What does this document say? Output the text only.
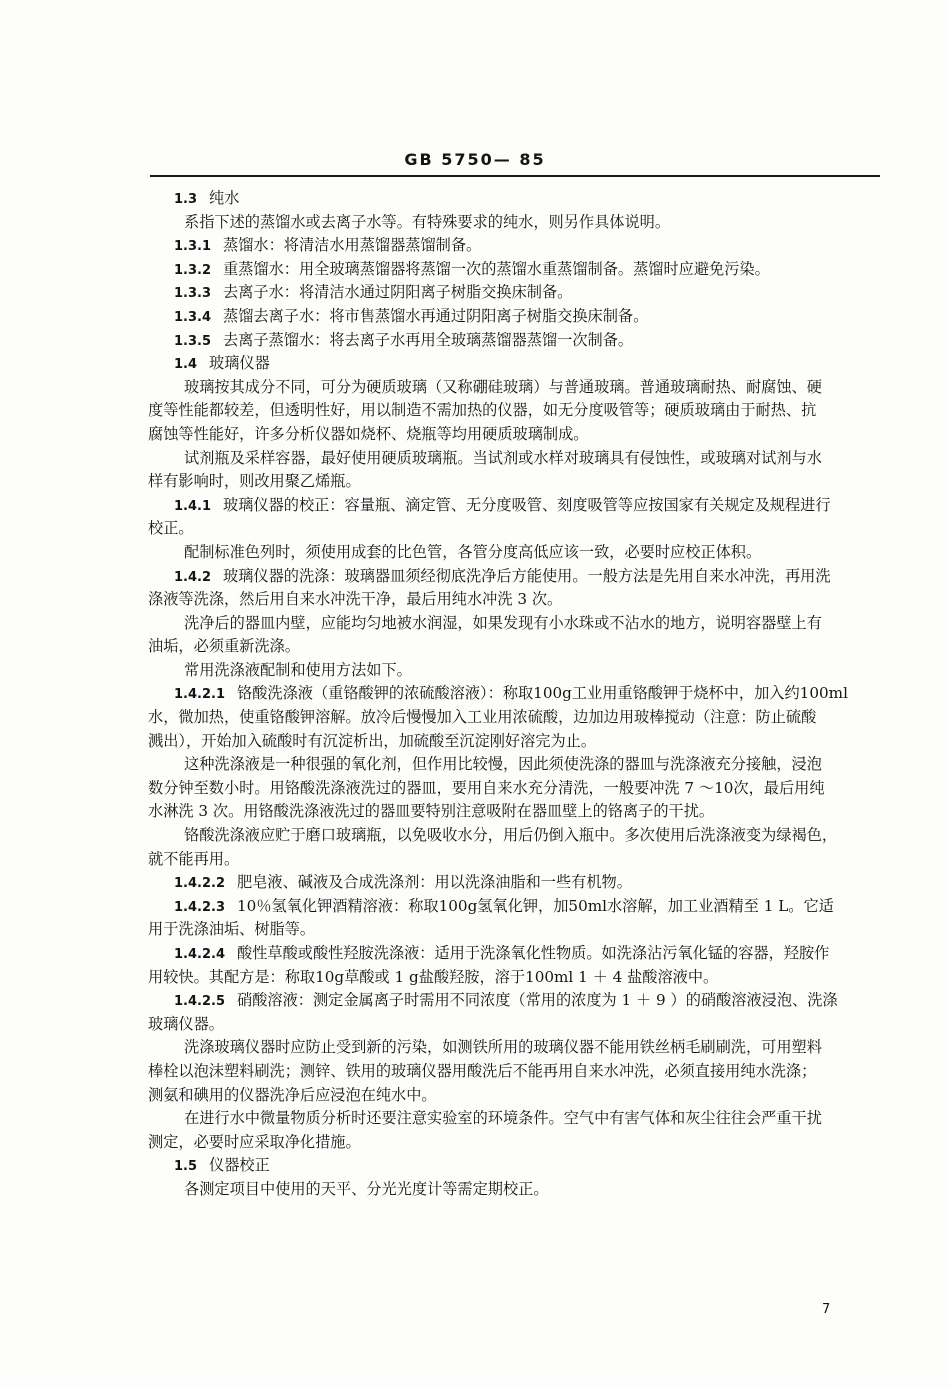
GB 5750— 85
1.3 纯水
系指下述的蒸馏水或去离子水等。有特殊要求的纯水，则另作具体说明。
1.3.1 蒸馏水：将清洁水用蒸馏器蒸馏制备。
1.3.2 重蒸馏水：用全玻璃蒸馏器将蒸馏一次的蒸馏水重蒸馏制备。蒸馏时应避免污染。
1.3.3 去离子水：将清洁水通过阴阳离子树脂交换床制备。
1.3.4 蒸馏去离子水：将市售蒸馏水再通过阴阳离子树脂交换床制备。
1.3.5 去离子蒸馏水：将去离子水再用全玻璃蒸馏器蒸馏一次制备。
1.4 玻璃仪器
玻璃按其成分不同，可分为硬质玻璃（又称硼硅玻璃）与普通玻璃。普通玻璃耐热、耐腐蚀、硬
度等性能都较差，但透明性好，用以制造不需加热的仪器，如无分度吸管等；硬质玻璃由于耐热、抗
腐蚀等性能好，许多分析仪器如烧杯、烧瓶等均用硬质玻璃制成。
试剂瓶及采样容器，最好使用硬质玻璃瓶。当试剂或水样对玻璃具有侵蚀性，或玻璃对试剂与水
样有影响时，则改用聚乙烯瓶。
1.4.1 玻璃仪器的校正：容量瓶、滴定管、无分度吸管、刻度吸管等应按国家有关规定及规程进行
校正。
配制标准色列时，须使用成套的比色管，各管分度高低应该一致，必要时应校正体积。
1.4.2 玻璃仪器的洗涤：玻璃器皿须经彻底洗净后方能使用。一般方法是先用自来水冲洗，再用洗
涤液等洗涤，然后用自来水冲洗干净，最后用纯水冲洗 3 次。
洗净后的器皿内壁，应能均匀地被水润湿，如果发现有小水珠或不沾水的地方，说明容器壁上有
油垢，必须重新洗涤。
常用洗涤液配制和使用方法如下。
1.4.2.1 铬酸洗涤液（重铬酸钾的浓硫酸溶液）：称取100g工业用重铬酸钾于烧杯中，加入约100ml
水，微加热，使重铬酸钾溶解。放冷后慢慢加入工业用浓硫酸，边加边用玻棒搅动（注意：防止硫酸
溅出），开始加入硫酸时有沉淀析出，加硫酸至沉淀刚好溶完为止。
这种洗涤液是一种很强的氧化剂，但作用比较慢，因此须使洗涤的器皿与洗涤液充分接触，浸泡
数分钟至数小时。用铬酸洗涤液洗过的器皿，要用自来水充分清洗，一般要冲洗 7 ～10次，最后用纯
水淋洗 3 次。用铬酸洗涤液洗过的器皿要特别注意吸附在器皿壁上的铬离子的干扰。
铬酸洗涤液应贮于磨口玻璃瓶，以免吸收水分，用后仍倒入瓶中。多次使用后洗涤液变为绿褐色，
就不能再用。
1.4.2.2 肥皂液、碱液及合成洗涤剂：用以洗涤油脂和一些有机物。
1.4.2.3 10％氢氧化钾酒精溶液：称取100g氢氧化钾，加50ml水溶解，加工业酒精至 1 L。它适
用于洗涤油垢、树脂等。
1.4.2.4 酸性草酸或酸性羟胺洗涤液：适用于洗涤氧化性物质。如洗涤沾污氧化锰的容器，羟胺作
用较快。其配方是：称取10g草酸或 1 g盐酸羟胺，溶于100ml 1 ＋ 4 盐酸溶液中。
1.4.2.5 硝酸溶液：测定金属离子时需用不同浓度（常用的浓度为 1 ＋ 9 ）的硝酸溶液浸泡、洗涤
玻璃仪器。
洗涤玻璃仪器时应防止受到新的污染，如测铁所用的玻璃仪器不能用铁丝柄毛刷刷洗，可用塑料
棒栓以泡沫塑料刷洗；测锌、铁用的玻璃仪器用酸洗后不能再用自来水冲洗，必须直接用纯水洗涤；
测氨和碘用的仪器洗净后应浸泡在纯水中。
在进行水中微量物质分析时还要注意实验室的环境条件。空气中有害气体和灰尘往往会严重干扰
测定，必要时应采取净化措施。
1.5 仪器校正
各测定项目中使用的天平、分光光度计等需定期校正。
7
